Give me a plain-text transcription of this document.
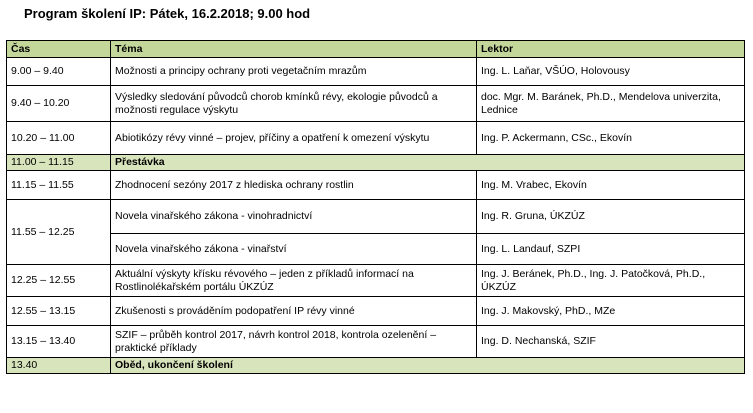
Program školení IP: Pátek, 16.2.2018; 9.00 hod
Čas	Téma	Lektor
9.00 – 9.40	Možnosti a principy ochrany proti vegetačním mrazům	Ing. L. Laňar, VŠÚO, Holovousy
9.40 – 10.20	Výsledky sledování původců chorob kmínků révy, ekologie původců a možnosti regulace výskytu	doc. Mgr. M. Baránek, Ph.D., Mendelova univerzita, Lednice
10.20 – 11.00	Abiotikózy révy vinné – projev, příčiny a opatření k omezení výskytu	Ing. P. Ackermann, CSc., Ekovín
11.00 – 11.15	Přestávka	
11.15 – 11.55	Zhodnocení sezóny 2017 z hlediska ochrany rostlin	Ing. M. Vrabec, Ekovín
11.55 – 12.25	Novela vinařského zákona - vinohradnictví	Ing. R. Gruna, ÚKZÚZ
	Novela vinařského zákona - vinařství	Ing. L. Landauf, SZPI
12.25 – 12.55	Aktuální výskyty křísku révového – jeden z příkladů informací na Rostlinolékařském portálu ÚKZÚZ	Ing. J. Beránek, Ph.D., Ing. J. Patočková, Ph.D., ÚKZÚZ
12.55 – 13.15	Zkušenosti s prováděním podopatření IP révy vinné	Ing. J. Makovský, PhD., MZe
13.15 – 13.40	SZIF – průběh kontrol 2017, návrh kontrol 2018, kontrola ozelenění – praktické příklady	Ing. D. Nechanská, SZIF
13.40	Oběd, ukončení školení	
